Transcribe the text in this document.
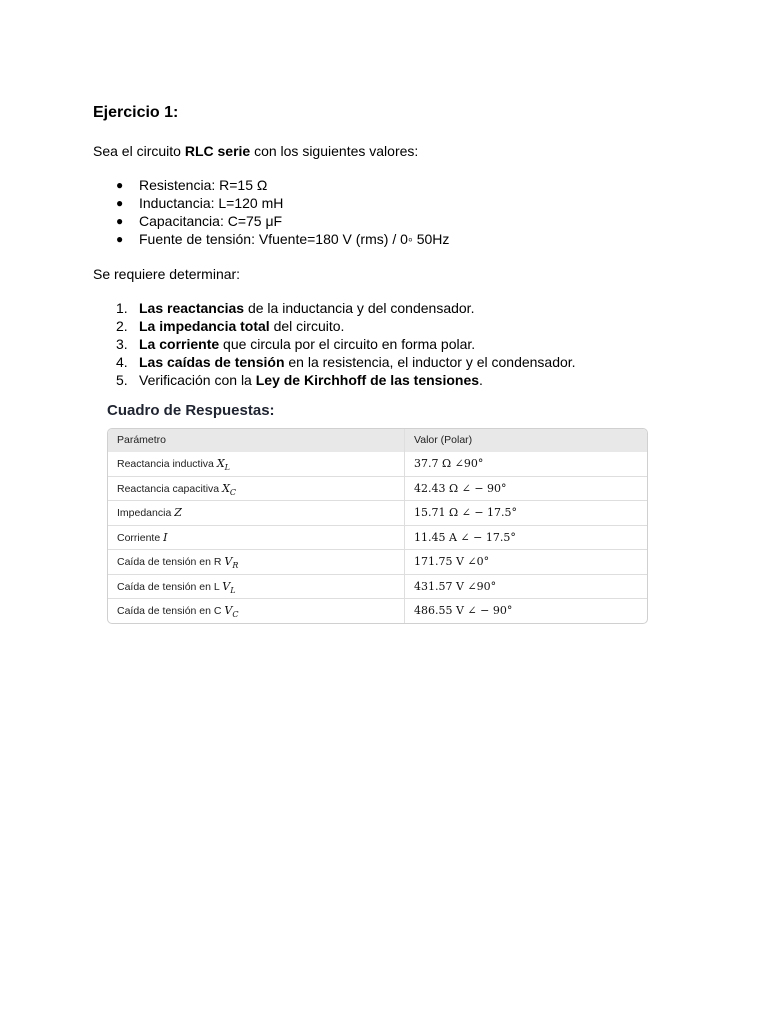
Ejercicio 1:

Sea el circuito RLC serie con los siguientes valores:

● Resistencia: R=15 Ω
● Inductancia: L=120 mH
● Capacitancia: C=75 μF
● Fuente de tensión: Vfuente=180 V (rms) / 0◦ 50Hz

Se requiere determinar:

1. Las reactancias de la inductancia y del condensador.
2. La impedancia total del circuito.
3. La corriente que circula por el circuito en forma polar.
4. Las caídas de tensión en la resistencia, el inductor y el condensador.
5. Verificación con la Ley de Kirchhoff de las tensiones.
Cuadro de Respuestas:
Parámetro	Valor (Polar)
Reactancia inductiva $X_L$	37.7 Ω ∠90°
Reactancia capacitiva $X_C$	42.43 Ω ∠ − 90°
Impedancia Z	15.71 Ω ∠ − 17.5°
Corriente I	11.45 A ∠ − 17.5°
Caída de tensión en R $V_R$	171.75 V ∠0°
Caída de tensión en L $V_L$	431.57 V ∠90°
Caída de tensión en C $V_C$	486.55 V ∠ − 90°
